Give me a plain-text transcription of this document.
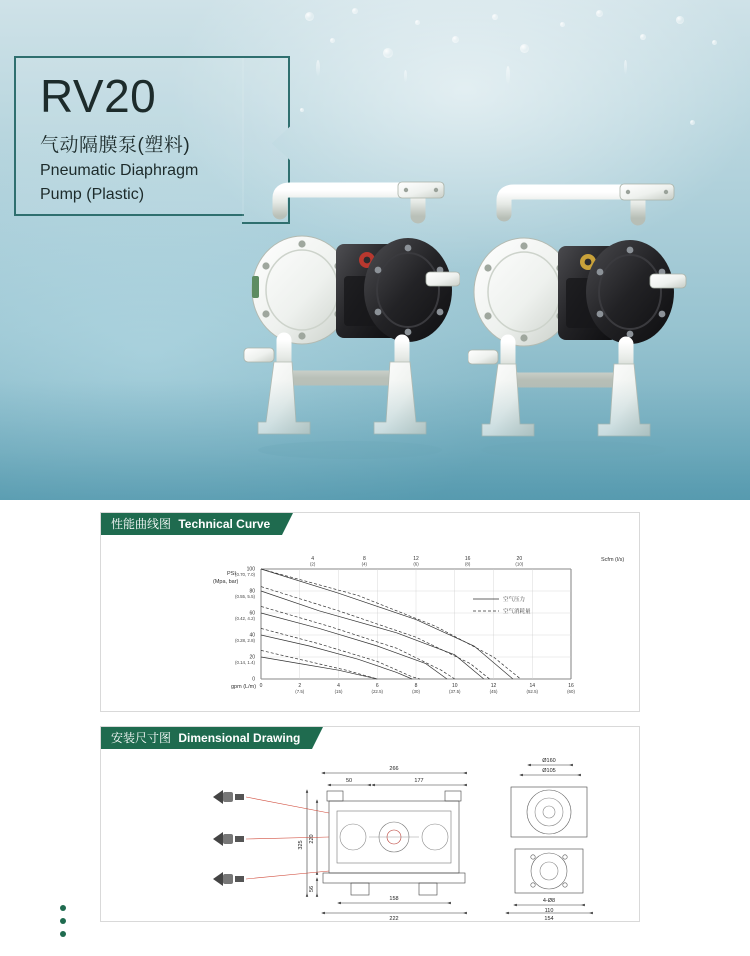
RV20
气动隔膜泵(塑料)
Pneumatic Diaphragm
Pump (Plastic)
性能曲线图 Technical Curve
0
20
(0.14, 1.4)
40
(0.28, 2.8)
60
(0.42, 4.2)
80
(0.55, 5.5)
100
(0.70, 7.0)
0	2
(7.5)
4
(15)
6
(22.5)
8
(30)
10
(37.5)
12
(45)
14
(52.5)
16
(60)
4
(2)
8
(4)
12
(6)
16
(8)
20
(10)
空气压力
空气消耗量
PSI
(Mpa, bar)
gpm (L/m)
Scfm (l/s)
安装尺寸图 Dimensional Drawing
266
50	177
158
222
Ø160
Ø105
4-Ø8
110
154
325
220
56
